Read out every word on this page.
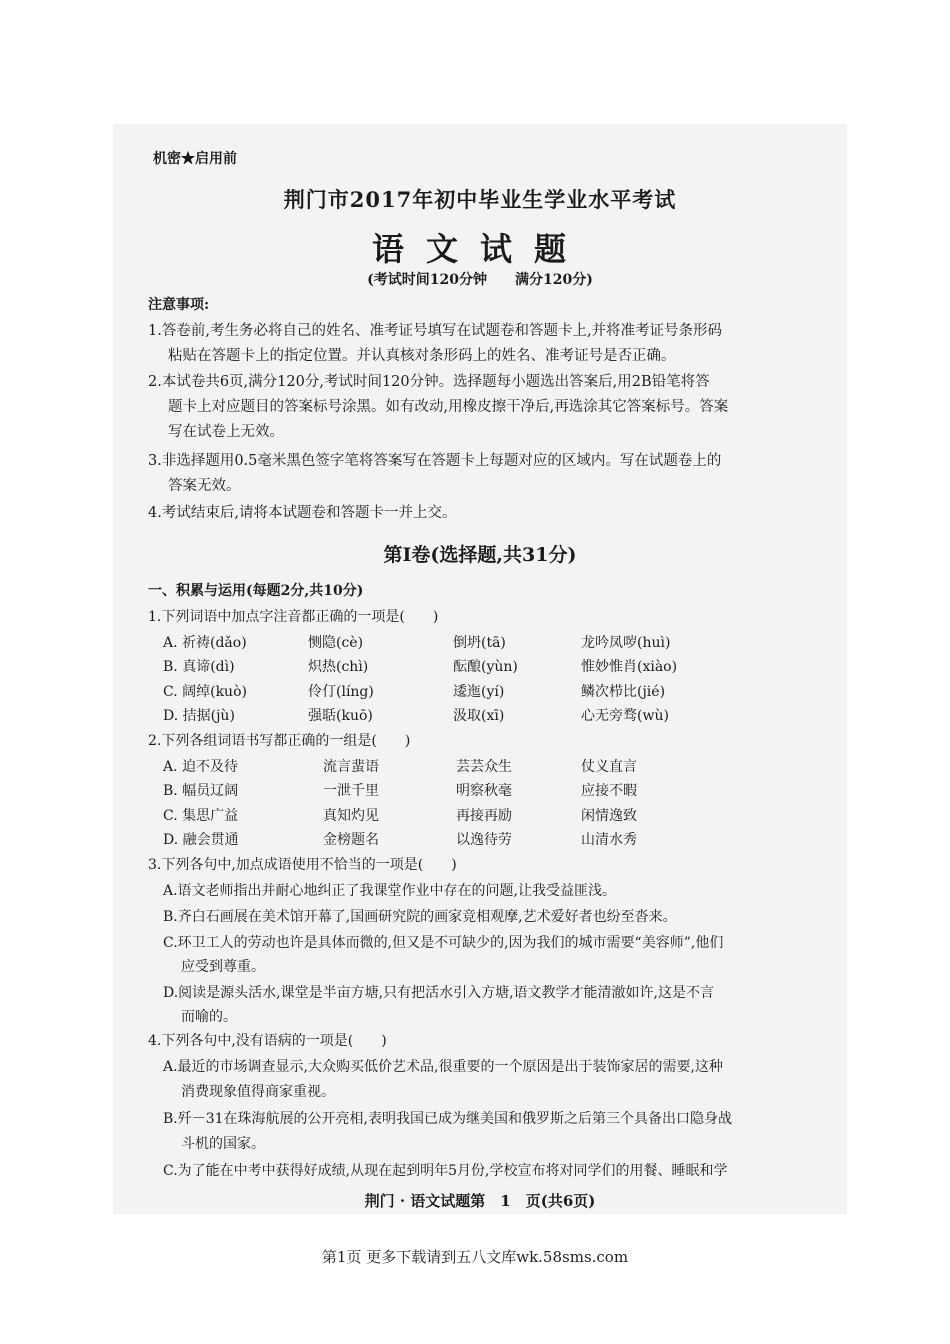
机密★启用前
荆门市2017年初中毕业生学业水平考试
语文试题
(考试时间120分钟　　满分120分)
注意事项:
1.答卷前,考生务必将自己的姓名、准考证号填写在试题卷和答题卡上,并将准考证号条形码
粘贴在答题卡上的指定位置。并认真核对条形码上的姓名、准考证号是否正确。
2.本试卷共6页,满分120分,考试时间120分钟。选择题每小题选出答案后,用2B铅笔将答
题卡上对应题目的答案标号涂黑。如有改动,用橡皮擦干净后,再选涂其它答案标号。答案
写在试卷上无效。
3.非选择题用0.5毫米黑色签字笔将答案写在答题卡上每题对应的区域内。写在试题卷上的
答案无效。
4.考试结束后,请将本试题卷和答题卡一并上交。
第Ⅰ卷(选择题,共31分)
一、积累与运用(每题2分,共10分)
1.下列词语中加点字注音都正确的一项是(　　)
A. 祈祷(dǎo)	恻隐(cè)	倒坍(tā)	龙吟凤哕(huì)
B. 真谛(dì)	炽热(chì)	酝酿(yùn)	惟妙惟肖(xiào)
C. 阔绰(kuò)	伶仃(líng)	逶迤(yí)	鳞次栉比(jié)
D. 拮据(jù)	强聒(kuō)	汲取(xī)	心无旁骛(wù)
2.下列各组词语书写都正确的一组是(　　)
A. 迫不及待	流言蜚语	芸芸众生	仗义直言
B. 幅员辽阔	一泄千里	明察秋毫	应接不暇
C. 集思广益	真知灼见	再接再励	闲情逸致
D. 融会贯通	金榜题名	以逸待劳	山清水秀
3.下列各句中,加点成语使用不恰当的一项是(　　)
A.语文老师指出并耐心地纠正了我课堂作业中存在的问题,让我受益匪浅。
B.齐白石画展在美术馆开幕了,国画研究院的画家竞相观摩,艺术爱好者也纷至沓来。
C.环卫工人的劳动也许是具体而微的,但又是不可缺少的,因为我们的城市需要“美容师”,他们
应受到尊重。
D.阅读是源头活水,课堂是半亩方塘,只有把活水引入方塘,语文教学才能清澈如许,这是不言
而喻的。
4.下列各句中,没有语病的一项是(　　)
A.最近的市场调查显示,大众购买低价艺术品,很重要的一个原因是出于装饰家居的需要,这种
消费现象值得商家重视。
B.歼－31在珠海航展的公开亮相,表明我国已成为继美国和俄罗斯之后第三个具备出口隐身战
斗机的国家。
C.为了能在中考中获得好成绩,从现在起到明年5月份,学校宣布将对同学们的用餐、睡眠和学
荆门 · 语文试题第　1　页(共6页)
第1页 更多下载请到五八文库wk.58sms.com
